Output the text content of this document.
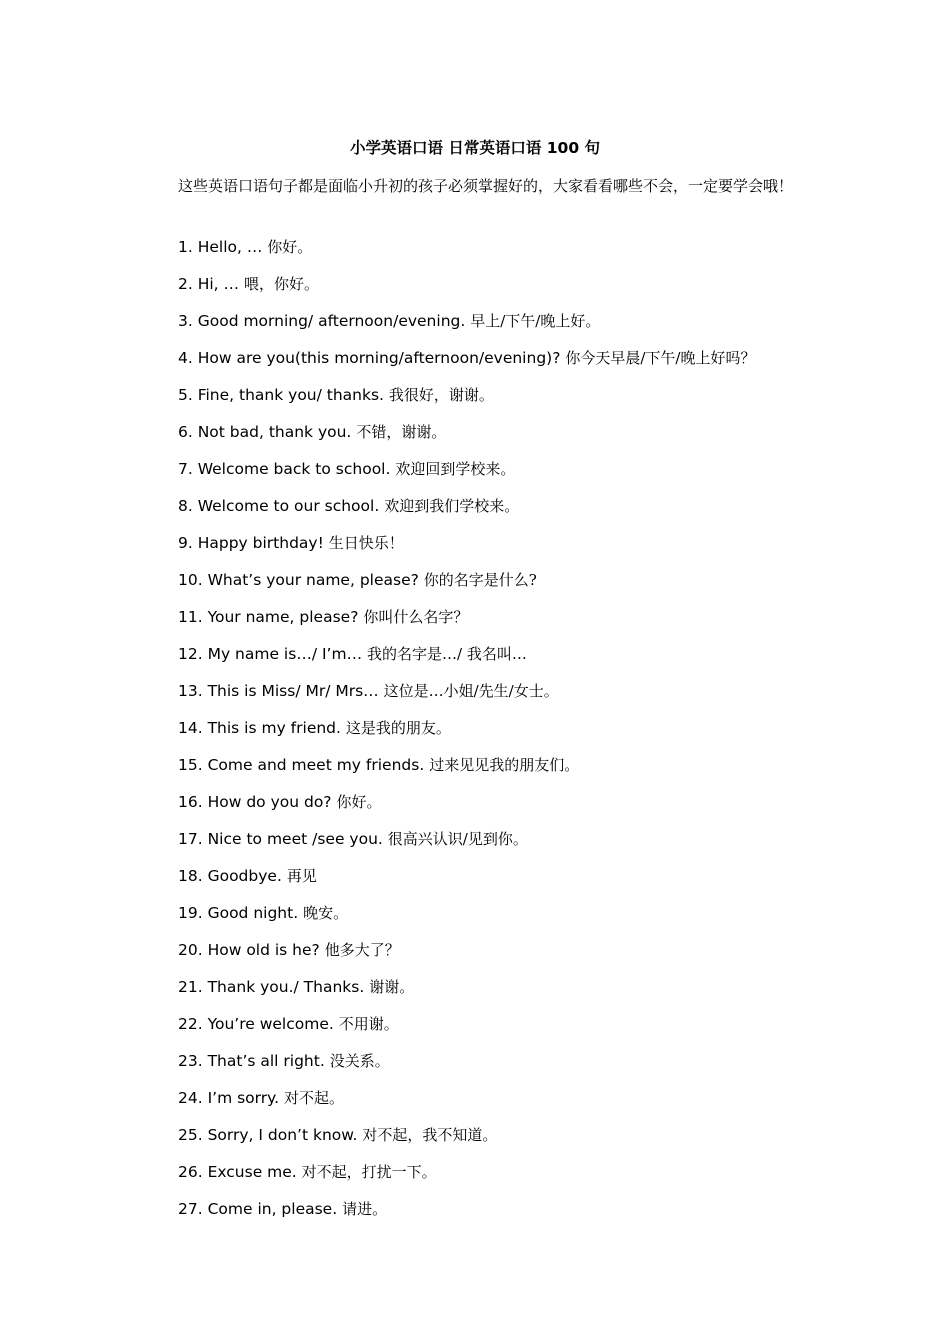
小学英语口语 日常英语口语 100 句
这些英语口语句子都是面临小升初的孩子必须掌握好的，大家看看哪些不会，一定要学会哦！
1. Hello, … 你好。
2. Hi, … 喂，你好。
3. Good morning/ afternoon/evening. 早上/下午/晚上好。
4. How are you(this morning/afternoon/evening)? 你今天早晨/下午/晚上好吗？
5. Fine, thank you/ thanks. 我很好，谢谢。
6. Not bad, thank you. 不错，谢谢。
7. Welcome back to school. 欢迎回到学校来。
8. Welcome to our school. 欢迎到我们学校来。
9. Happy birthday! 生日快乐！
10. What’s your name, please? 你的名字是什么?
11. Your name, please? 你叫什么名字？
12. My name is…/ I’m… 我的名字是…/ 我名叫…
13. This is Miss/ Mr/ Mrs… 这位是…小姐/先生/女士。
14. This is my friend. 这是我的朋友。
15. Come and meet my friends. 过来见见我的朋友们。
16. How do you do? 你好。
17. Nice to meet /see you. 很高兴认识/见到你。
18. Goodbye. 再见
19. Good night. 晚安。
20. How old is he? 他多大了？
21. Thank you./ Thanks. 谢谢。
22. You’re welcome. 不用谢。
23. That’s all right. 没关系。
24. I’m sorry. 对不起。
25. Sorry, I don’t know. 对不起，我不知道。
26. Excuse me. 对不起，打扰一下。
27. Come in, please. 请进。
